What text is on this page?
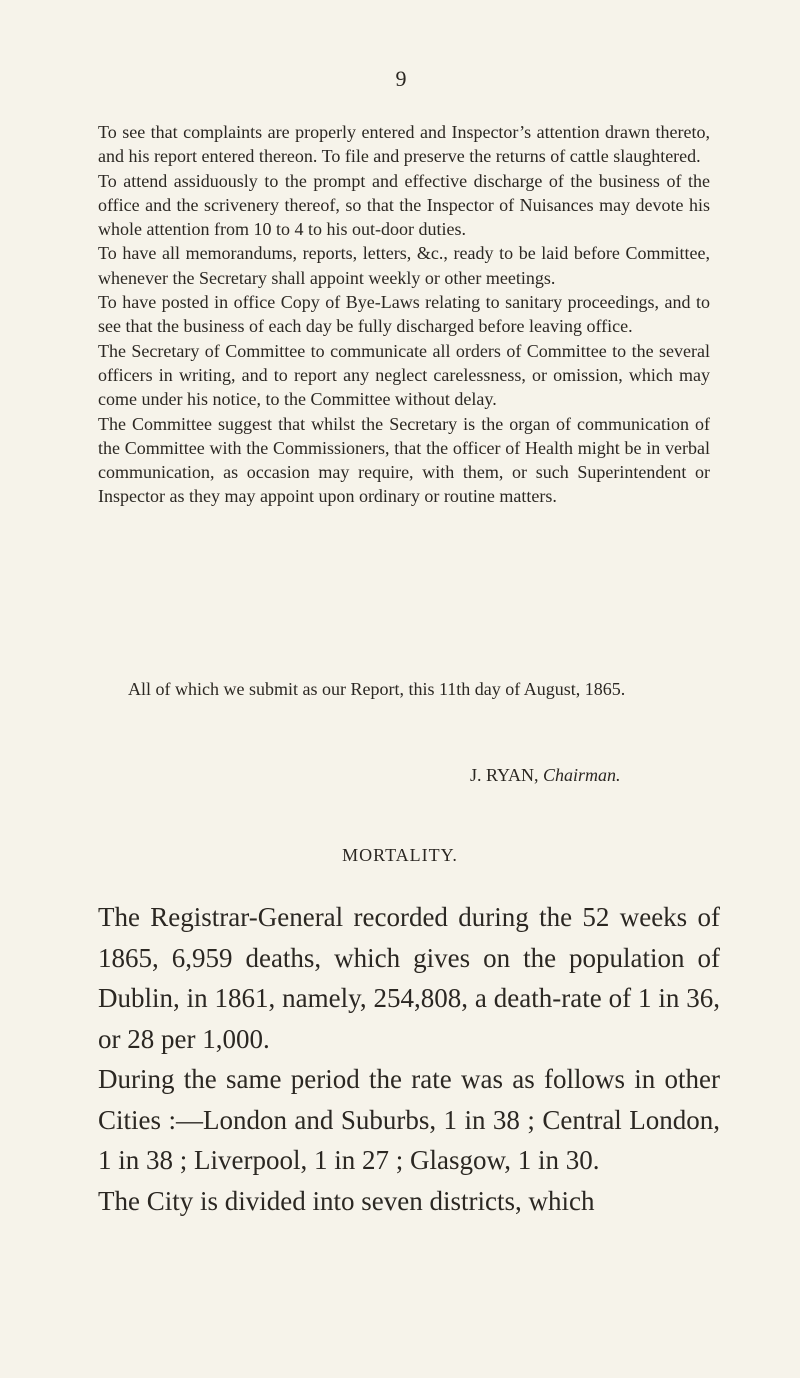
9

To see that complaints are properly entered and Inspector’s attention drawn thereto, and his report entered thereon. To file and preserve the returns of cattle slaughtered.

To attend assiduously to the prompt and effective discharge of the business of the office and the scrivenery thereof, so that the Inspector of Nuisances may devote his whole attention from 10 to 4 to his out-door duties.

To have all memorandums, reports, letters, &c., ready to be laid before Committee, whenever the Secretary shall appoint weekly or other meetings.

To have posted in office Copy of Bye-Laws relating to sanitary proceedings, and to see that the business of each day be fully discharged before leaving office.

The Secretary of Committee to communicate all orders of Committee to the several officers in writing, and to report any neglect carelessness, or omission, which may come under his notice, to the Committee without delay.

The Committee suggest that whilst the Secretary is the organ of communication of the Committee with the Commissioners, that the officer of Health might be in verbal communication, as occasion may require, with them, or such Superintendent or Inspector as they may appoint upon ordinary or routine matters.

All of which we submit as our Report, this 11th day of August, 1865.

J. RYAN, Chairman.
MORTALITY.

The Registrar-General recorded during the 52 weeks of 1865, 6,959 deaths, which gives on the population of Dublin, in 1861, namely, 254,808, a death-rate of 1 in 36, or 28 per 1,000.

During the same period the rate was as follows in other Cities :—London and Suburbs, 1 in 38 ; Central London, 1 in 38 ; Liverpool, 1 in 27 ; Glasgow, 1 in 30.

The City is divided into seven districts, which
